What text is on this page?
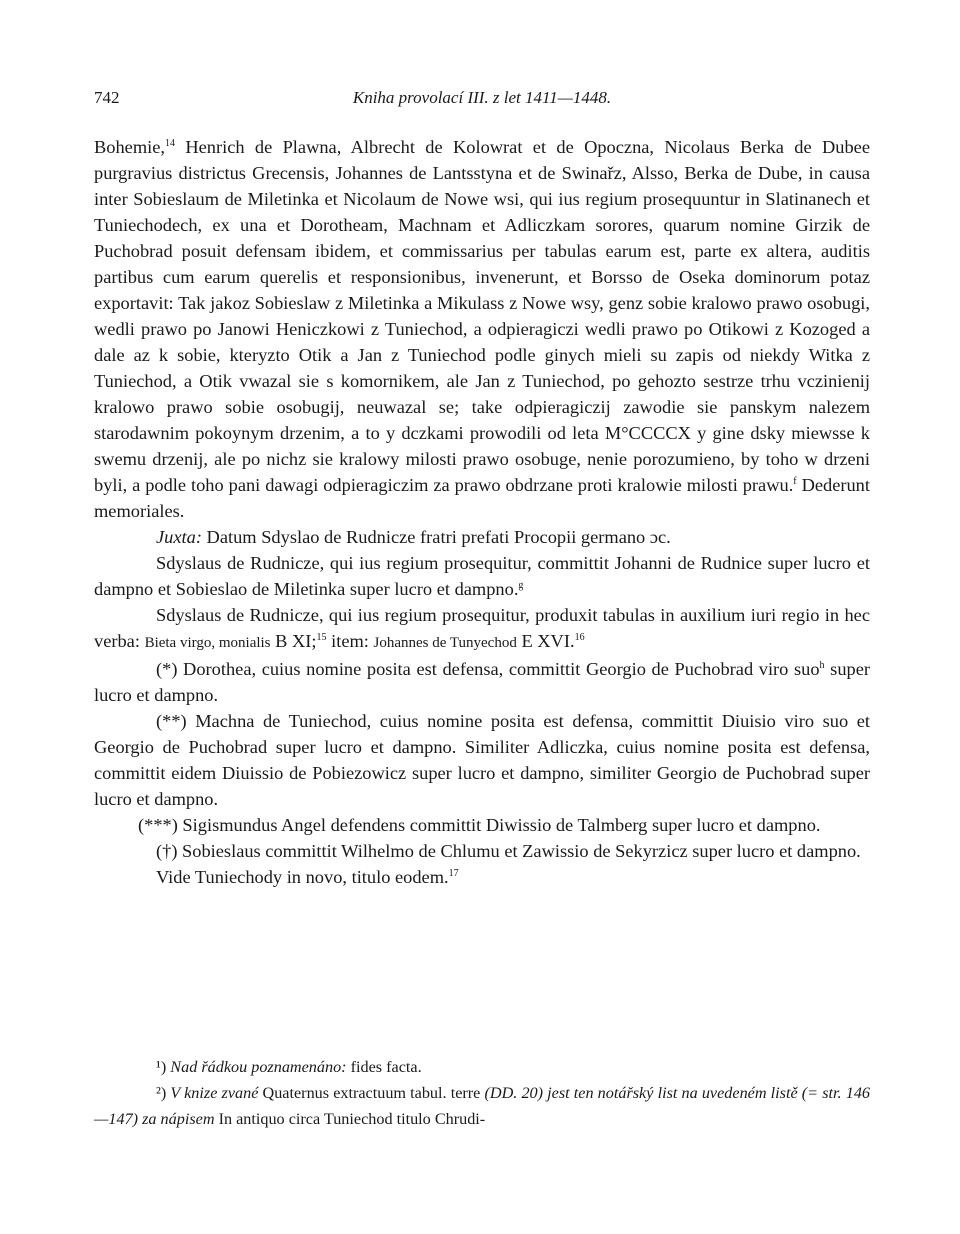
742	Kniha provolací III. z let 1411—1448.

Bohemie,$^{14}$ Henrich de Plawna, Albrecht de Kolowrat et de Opoczna, Nicolaus Berka de Dubee purgravius districtus Grecensis, Johannes de Lantsstyna et de Swinařz, Alsso, Berka de Dube, in causa inter Sobieslaum de Miletinka et Nicolaum de Nowe wsi, qui ius regium prosequuntur in Slatinanech et Tuniechodech, ex una et Dorotheam, Machnam et Adliczkam sorores, quarum nomine Girzik de Puchobrad posuit defensam ibidem, et commissarius per tabulas earum est, parte ex altera, auditis partibus cum earum querelis et responsionibus, invenerunt, et Borsso de Oseka dominorum potaz exportavit: Tak jakoz Sobieslaw z Miletinka a Mikulass z Nowe wsy, genz sobie kralowo prawo osobugi, wedli prawo po Janowi Heniczkowi z Tuniechod, a odpieragiczi wedli prawo po Otikowi z Kozoged a dale az k sobie, kteryzto Otik a Jan z Tuniechod podle ginych mieli su zapis od niekdy Witka z Tuniechod, a Otik vwazal sie s komornikem, ale Jan z Tuniechod, po gehozto sestrze trhu vczinienij kralowo prawo sobie osobugij, neuwazal se; take odpieragiczij zawodie sie panskym nalezem starodawnim pokoynym drzenim, a to y dczkami prowodili od leta M°CCCCX y gine dsky miewsse k swemu drzenij, ale po nichz sie kralowy milosti prawo osobuge, nenie porozumieno, by toho w drzeni byli, a podle toho pani dawagi odpieragiczim za prawo obdrzane proti kralowie milosti prawu.$^f$ Dederunt memoriales.

Juxta: Datum Sdyslao de Rudnicze fratri prefati Procopii germano ɔc.

Sdyslaus de Rudnicze, qui ius regium prosequitur, committit Johanni de Rudnice super lucro et dampno et Sobieslao de Miletinka super lucro et dampno.$^g$

Sdyslaus de Rudnicze, qui ius regium prosequitur, produxit tabulas in auxilium iuri regio in hec verba: Bieta virgo, monialis B XI;$^{15}$ item: Johannes de Tunyechod E XVI.$^{16}$

(*) Dorothea, cuius nomine posita est defensa, committit Georgio de Puchobrad viro suo$^h$ super lucro et dampno.

(**) Machna de Tuniechod, cuius nomine posita est defensa, committit Diuisio viro suo et Georgio de Puchobrad super lucro et dampno. Similiter Adliczka, cuius nomine posita est defensa, committit eidem Diuissio de Pobiezowicz super lucro et dampno, similiter Georgio de Puchobrad super lucro et dampno.

(***) Sigismundus Angel defendens committit Diwissio de Talmberg super lucro et dampno.

(†) Sobieslaus committit Wilhelmo de Chlumu et Zawissio de Sekyrzicz super lucro et dampno.

Vide Tuniechody in novo, titulo eodem.$^{17}$

¹) Nad řádkou poznamenáno: fides facta.

²) V knize zvané Quaternus extractuum tabul. terre (DD. 20) jest ten notářský list na uvedeném listě (= str. 146—147) za nápisem In antiquo circa Tuniechod titulo Chrudi-
